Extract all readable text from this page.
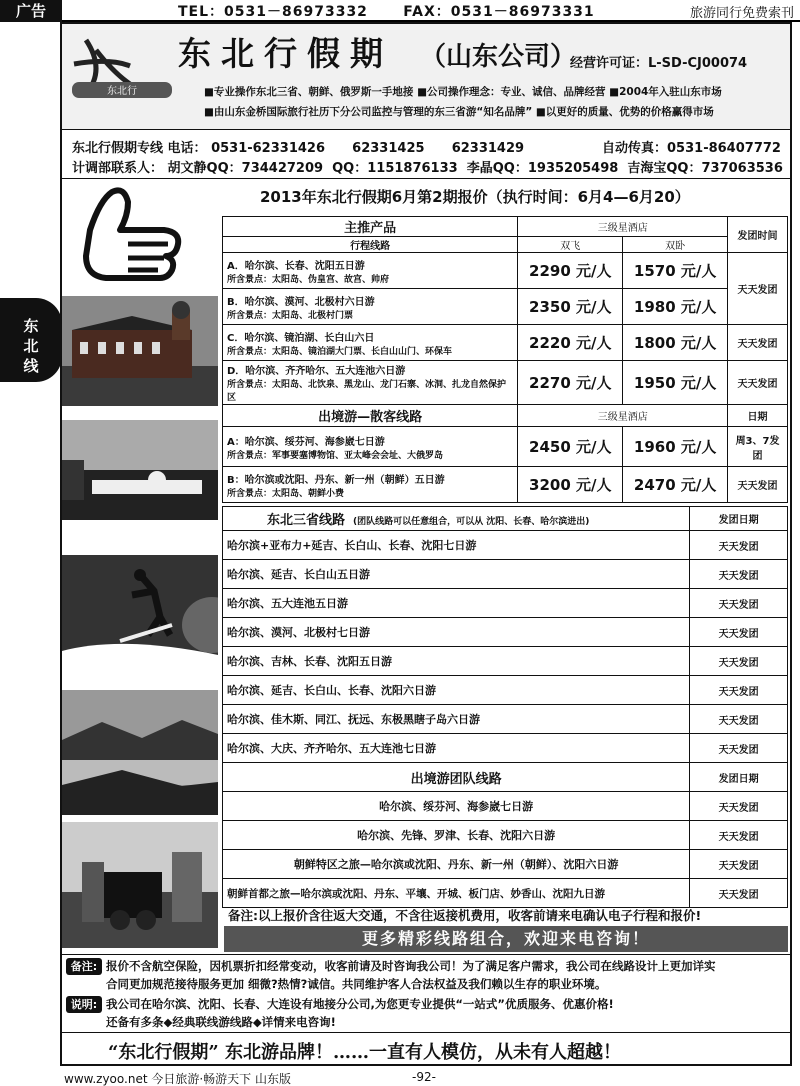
广告	TEL：0531－86973332	FAX：0531－86973331	旅游同行免费索刊
东北行
东北行假期 （山东公司）
经营许可证：L-SD-CJ00074
■专业操作东北三省、朝鲜、俄罗斯一手地接 ■公司操作理念：专业、诚信、品牌经营 ■2004年入驻山东市场
■由山东金桥国际旅行社历下分公司监控与管理的东三省游“知名品牌” ■以更好的质量、优势的价格赢得市场
东北行假期专线 电话： 0531-62331426 62331425 62331429	自动传真：0531-86407772
计调部联系人： 胡文静QQ：734427209 QQ：1151876133 李晶QQ：1935205498 吉海宝QQ：737063536
2013年东北行假期6月第2期报价（执行时间：6月4—6月20）
东北线
主推产品	三级星酒店		发团时间
行程线路	双飞	双卧	

A．哈尔滨、长春、沈阳五日游
所含景点：太阳岛、伪皇宫、故宫、帅府	2290 元/人	1570 元/人	天天发团

B．哈尔滨、漠河、北极村六日游
所含景点：太阳岛、北极村门票	2350 元/人	1980 元/人	

C．哈尔滨、镜泊湖、长白山六日
所含景点：太阳岛、镜泊湖大门票、长白山山门、环保车	2220 元/人	1800 元/人	天天发团

D．哈尔滨、齐齐哈尔、五大连池六日游
所含景点：太阳岛、北饮泉、黑龙山、龙门石寨、冰洞、扎龙自然保护区	2270 元/人	1950 元/人	天天发团
出境游—散客线路	三级星酒店		日期

A：哈尔滨、绥芬河、海参崴七日游
所含景点：军事要塞博物馆、亚太峰会会址、大俄罗岛	2450 元/人	1960 元/人	周3、7发团

B：哈尔滨或沈阳、丹东、新一州（朝鲜）五日游
所含景点：太阳岛、朝鲜小费	3200 元/人	2470 元/人	天天发团
东北三省线路 (团队线路可以任意组合，可以从 沈阳、长春、哈尔滨进出)	发团日期
哈尔滨+亚布力+延吉、长白山、长春、沈阳七日游	天天发团
哈尔滨、延吉、长白山五日游	天天发团
哈尔滨、五大连池五日游	天天发团
哈尔滨、漠河、北极村七日游	天天发团
哈尔滨、吉林、长春、沈阳五日游	天天发团
哈尔滨、延吉、长白山、长春、沈阳六日游	天天发团
哈尔滨、佳木斯、同江、抚远、东极黑瞎子岛六日游	天天发团
哈尔滨、大庆、齐齐哈尔、五大连池七日游	天天发团
出境游团队线路	发团日期
哈尔滨、绥芬河、海参崴七日游	天天发团
哈尔滨、先锋、罗津、长春、沈阳六日游	天天发团
朝鲜特区之旅—哈尔滨或沈阳、丹东、新一州（朝鲜）、沈阳六日游	天天发团
朝鲜首都之旅—哈尔滨或沈阳、丹东、平壤、开城、板门店、妙香山、沈阳九日游	天天发团
备注:以上报价含往返大交通，不含往返接机费用，收客前请来电确认电子行程和报价!
更多精彩线路组合，欢迎来电咨询！
备注: 报价不含航空保险，因机票折扣经常变动，收客前请及时咨询我公司！为了满足客户需求，我公司在线路设计上更加详实
合同更加规范接待服务更加 细微?热情?诚信。共同维护客人合法权益及我们赖以生存的职业环境。
说明: 我公司在哈尔滨、沈阳、长春、大连设有地接分公司,为您更专业提供“一站式”优质服务、优惠价格!
还备有多条◆经典联线游线路◆详情来电咨询!
“东北行假期” 东北游品牌！……一直有人模仿，从未有人超越！
www.zyoo.net 今日旅游·畅游天下 山东版	-92-
